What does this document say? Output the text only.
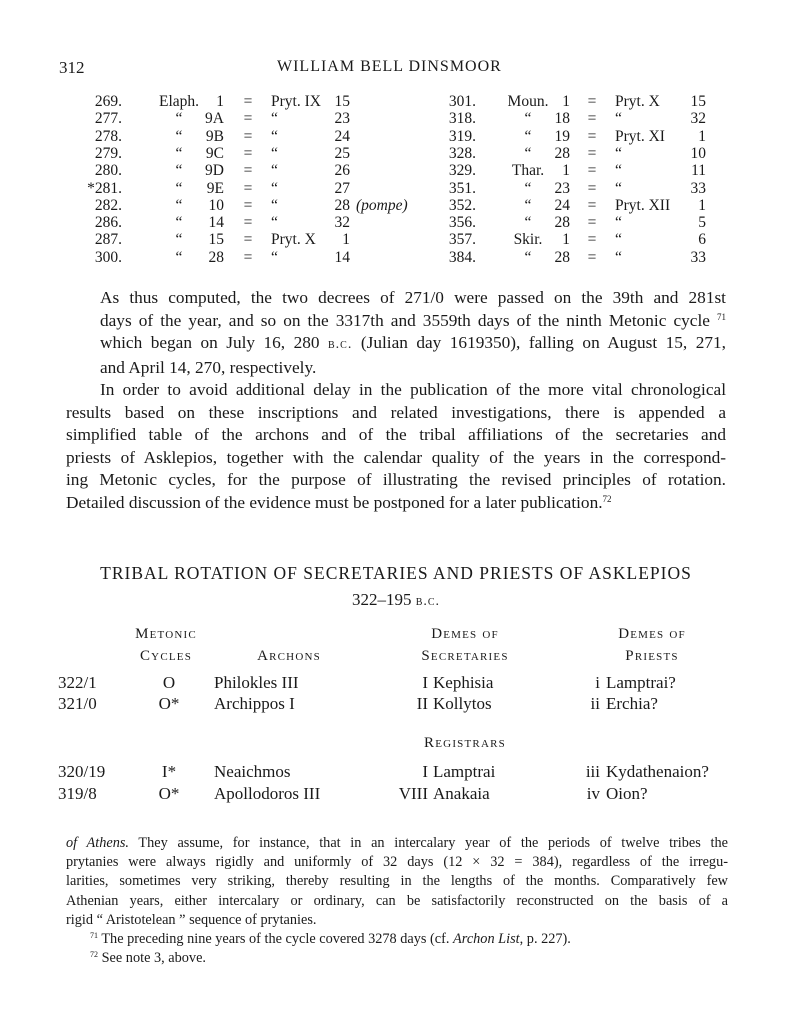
312	WILLIAM BELL DINSMOOR
269.	Elaph.	1 = Pryt. IX 15
277.	“	9A = “	23
278.	“	9B = “	24
279.	“	9C = “	25
280.	“	9D = “	26
*281.	“	9E = “	27
282.	“	10 = “	28 (pompe)
286.	“	14 = “	32
287.	“	15 = Pryt. X	1
300.	“	28 = “	14
301. Moun. 1 = Pryt. X	15
318.	“	18 = “	32
319.	“	19 = Pryt. XI	1
328.	“	28 = “	10
329.	Thar.	1 = “	11
351.	“	23 = “	33
352.	“	24 = Pryt. XII	1
356.	“	28 = “	5
357.	Skir.	1 = “	6
384.	“	28 = “	33

As thus computed, the two decrees of 271/0 were passed on the 39th and 281st
days of the year, and so on the 3317th and 3559th days of the ninth Metonic cycle $^{71}$
which began on July 16, 280 b.c. (Julian day 1619350), falling on August 15, 271,
and April 14, 270, respectively.

In order to avoid additional delay in the publication of the more vital chronological
results based on these inscriptions and related investigations, there is appended a
simplified table of the archons and of the tribal affiliations of the secretaries and
priests of Asklepios, together with the calendar quality of the years in the correspond-
ing Metonic cycles, for the purpose of illustrating the revised principles of rotation.
Detailed discussion of the evidence must be postponed for a later publication.$^{72}$

TRIBAL ROTATION OF SECRETARIES AND PRIESTS OF ASKLEPIOS
322–195 b.c.
Metonic
Cycles	Archons
Demes of
Secretaries
Demes of
Priests
Registrars
322/1	O	Philokles III	I Kephisia	i Lamptrai?
321/0	O*	Archippos I	II Kollytos	ii Erchia?
320/19	I*	Neaichmos	I Lamptrai	iii Kydathenaion?
319/8	O*	Apollodoros III	VIII Anakaia	iv Oion?
of Athens. They assume, for instance, that in an intercalary year of the periods of twelve tribes the
prytanies were always rigidly and uniformly of 32 days (12 × 32 = 384), regardless of the irregu-
larities, sometimes very striking, thereby resulting in the lengths of the months. Comparatively few
Athenian years, either intercalary or ordinary, can be satisfactorily reconstructed on the basis of a
rigid “ Aristotelean ” sequence of prytanies.
$^{71}$ The preceding nine years of the cycle covered 3278 days (cf. Archon List, p. 227).
$^{72}$ See note 3, above.
